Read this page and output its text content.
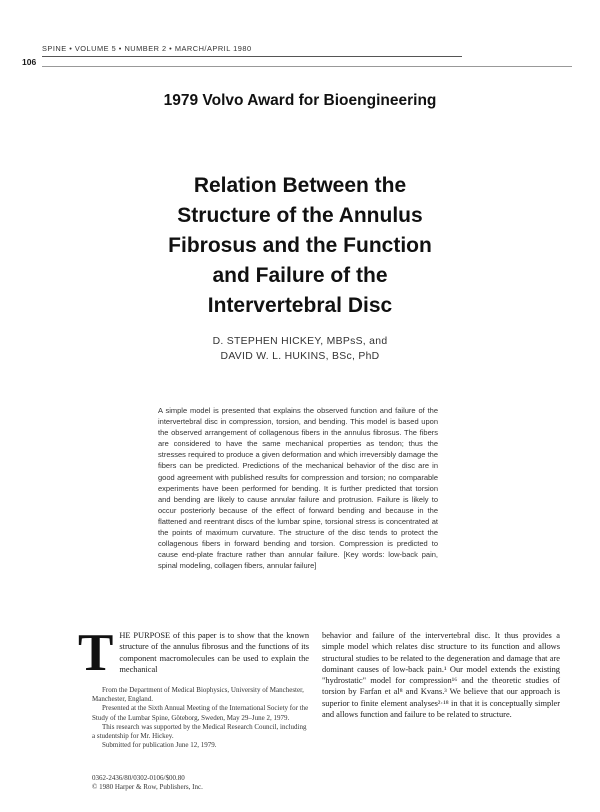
SPINE • VOLUME 5 • NUMBER 2 • MARCH/APRIL 1980
106
1979 Volvo Award for Bioengineering
Relation Between the
Structure of the Annulus
Fibrosus and the Function
and Failure of the
Intervertebral Disc
D. STEPHEN HICKEY, MBPsS, and
DAVID W. L. HUKINS, BSc, PhD
A simple model is presented that explains the observed function and failure of the intervertebral disc in compression, torsion, and bending. This model is based upon the observed arrangement of collagenous fibers in the annulus fibrosus. The fibers are considered to have the same mechanical properties as tendon; thus the stresses required to produce a given deformation and which irreversibly damage the fibers can be predicted. Predictions of the mechanical behavior of the disc are in good agreement with published results for compression and torsion; no comparable experiments have been performed for bending. It is further predicted that torsion and bending are likely to cause annular failure and protrusion. Failure is likely to occur posteriorly because of the effect of forward bending and because in the flattened and reentrant discs of the lumbar spine, torsional stress is concentrated at the points of maximum curvature. The structure of the disc tends to protect the collagenous fibers in forward bending and torsion. Compression is predicted to cause end-plate fracture rather than annular failure. [Key words: low-back pain, spinal modeling, collagen fibers, annular failure]
THE PURPOSE of this paper is to show that the known structure of the annulus fibrosus and the functions of its component macromolecules can be used to explain the mechanical

From the Department of Medical Biophysics, University of Manchester, Manchester, England.

Presented at the Sixth Annual Meeting of the International Society for the Study of the Lumbar Spine, Göteborg, Sweden, May 29–June 2, 1979.

This research was supported by the Medical Research Council, including a studentship for Mr. Hickey.

Submitted for publication June 12, 1979.

0362-2436/80/0302-0106/$00.80
© 1980 Harper & Row, Publishers, Inc.
behavior and failure of the intervertebral disc. It thus provides a simple model which relates disc structure to its function and allows structural studies to be related to the degeneration and damage that are dominant causes of low-back pain.¹ Our model extends the existing "hydrostatic" model for compression¹⁶ and the theoretic studies of torsion by Farfan et al⁸ and Kvans.³ We believe that our approach is superior to finite element analyses²·¹⁸ in that it is conceptually simpler and allows function and failure to be related to structure.
